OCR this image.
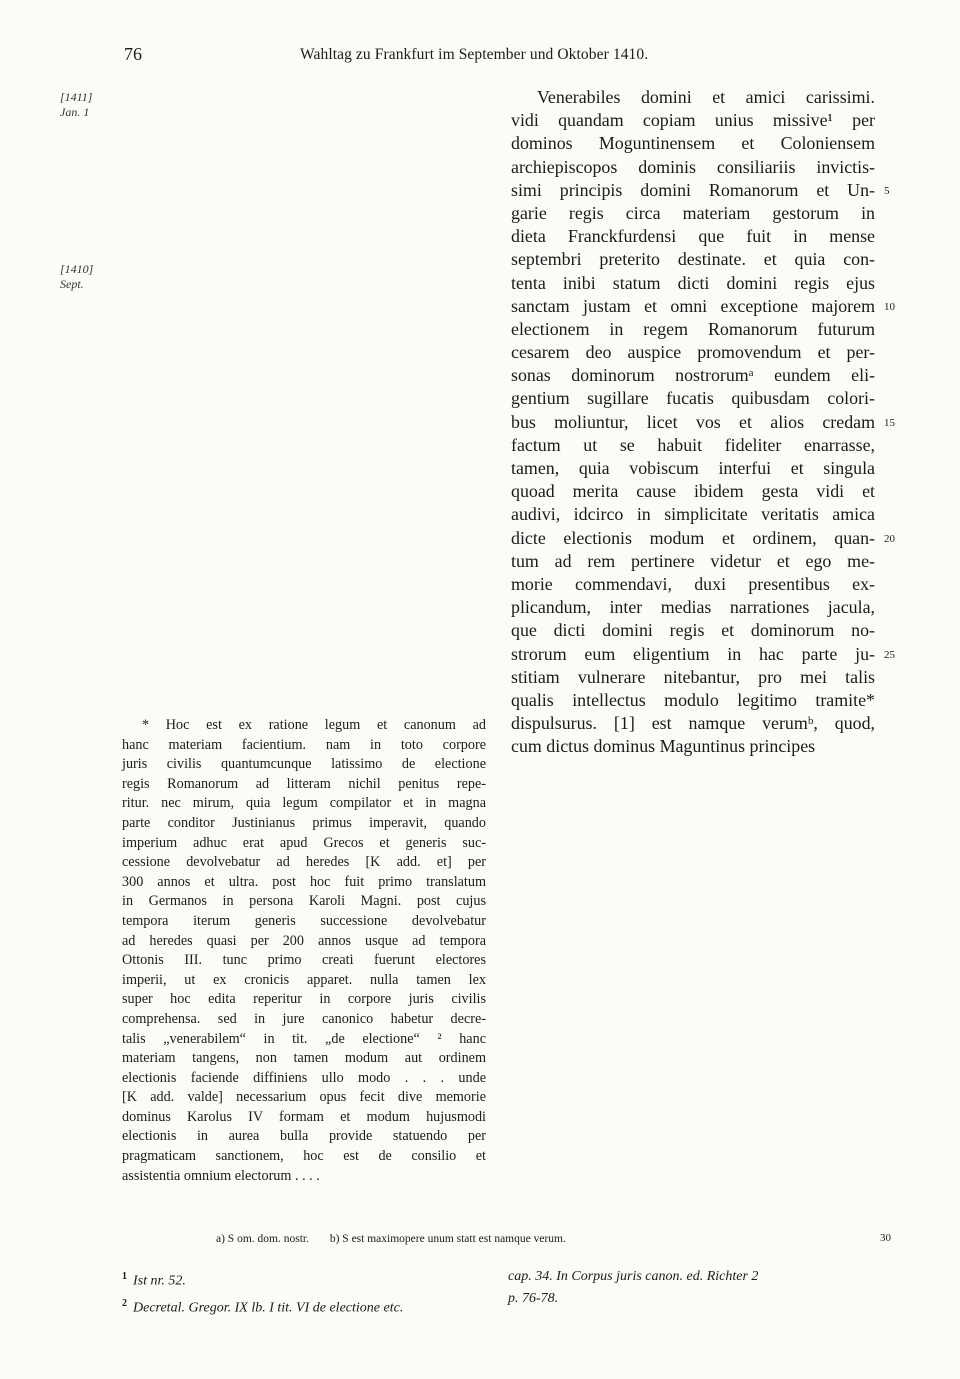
76	Wahltag zu Frankfurt im September und Oktober 1410.
[1411]
Jan. 1
[1410]
Sept.
Venerabiles domini et amici carissimi.
vidi quandam copiam unius missive¹ per
dominos Moguntinensem et Coloniensem
archiepiscopos dominis consiliariis invictis-
simi principis domini Romanorum et Un-
garie regis circa materiam gestorum in
dieta Franckfurdensi que fuit in mense
septembri preterito destinate. et quia con-
tenta inibi statum dicti domini regis ejus
sanctam justam et omni exceptione majorem
electionem in regem Romanorum futurum
cesarem deo auspice promovendum et per-
sonas dominorum nostrorumᵃ eundem eli-
gentium sugillare fucatis quibusdam colori-
bus moliuntur, licet vos et alios credam
factum ut se habuit fideliter enarrasse,
tamen, quia vobiscum interfui et singula
quoad merita cause ibidem gesta vidi et
audivi, idcirco in simplicitate veritatis amica
dicte electionis modum et ordinem, quan-
tum ad rem pertinere videtur et ego me-
morie commendavi, duxi presentibus ex-
plicandum, inter medias narrationes jacula,
que dicti domini regis et dominorum no-
strorum eum eligentium in hac parte ju-
stitiam vulnerare nitebantur, pro mei talis
qualis intellectus modulo legitimo tramite*
dispulsurus. [1] est namque verumᵇ, quod,
cum dictus dominus Maguntinus principes
5
10
15
20
25
* Hoc est ex ratione legum et canonum ad
hanc materiam facientium. nam in toto corpore
juris civilis quantumcunque latissimo de electione
regis Romanorum ad litteram nichil penitus repe-
ritur. nec mirum, quia legum compilator et in magna
parte conditor Justinianus primus imperavit, quando
imperium adhuc erat apud Grecos et generis suc-
cessione devolvebatur ad heredes [K add. et] per
300 annos et ultra. post hoc fuit primo translatum
in Germanos in persona Karoli Magni. post cujus
tempora iterum generis successione devolvebatur
ad heredes quasi per 200 annos usque ad tempora
Ottonis III. tunc primo creati fuerunt electores
imperii, ut ex cronicis apparet. nulla tamen lex
super hoc edita reperitur in corpore juris civilis
comprehensa. sed in jure canonico habetur decre-
talis „venerabilem“ in tit. „de electione“ ² hanc
materiam tangens, non tamen modum aut ordinem
electionis faciende diffiniens ullo modo . . . unde
[K add. valde] necessarium opus fecit dive memorie
dominus Karolus IV formam et modum hujusmodi
electionis in aurea bulla provide statuendo per
pragmaticam sanctionem, hoc est de consilio et
assistentia omnium electorum . . . .
a) S om. dom. nostr. b) S est maximopere unum statt est namque verum.	30
$^1$ Ist nr. 52.
$^2$ Decretal. Gregor. IX lb. I tit. VI de electione etc.
cap. 34. In Corpus juris canon. ed. Richter 2
p. 76-78.
